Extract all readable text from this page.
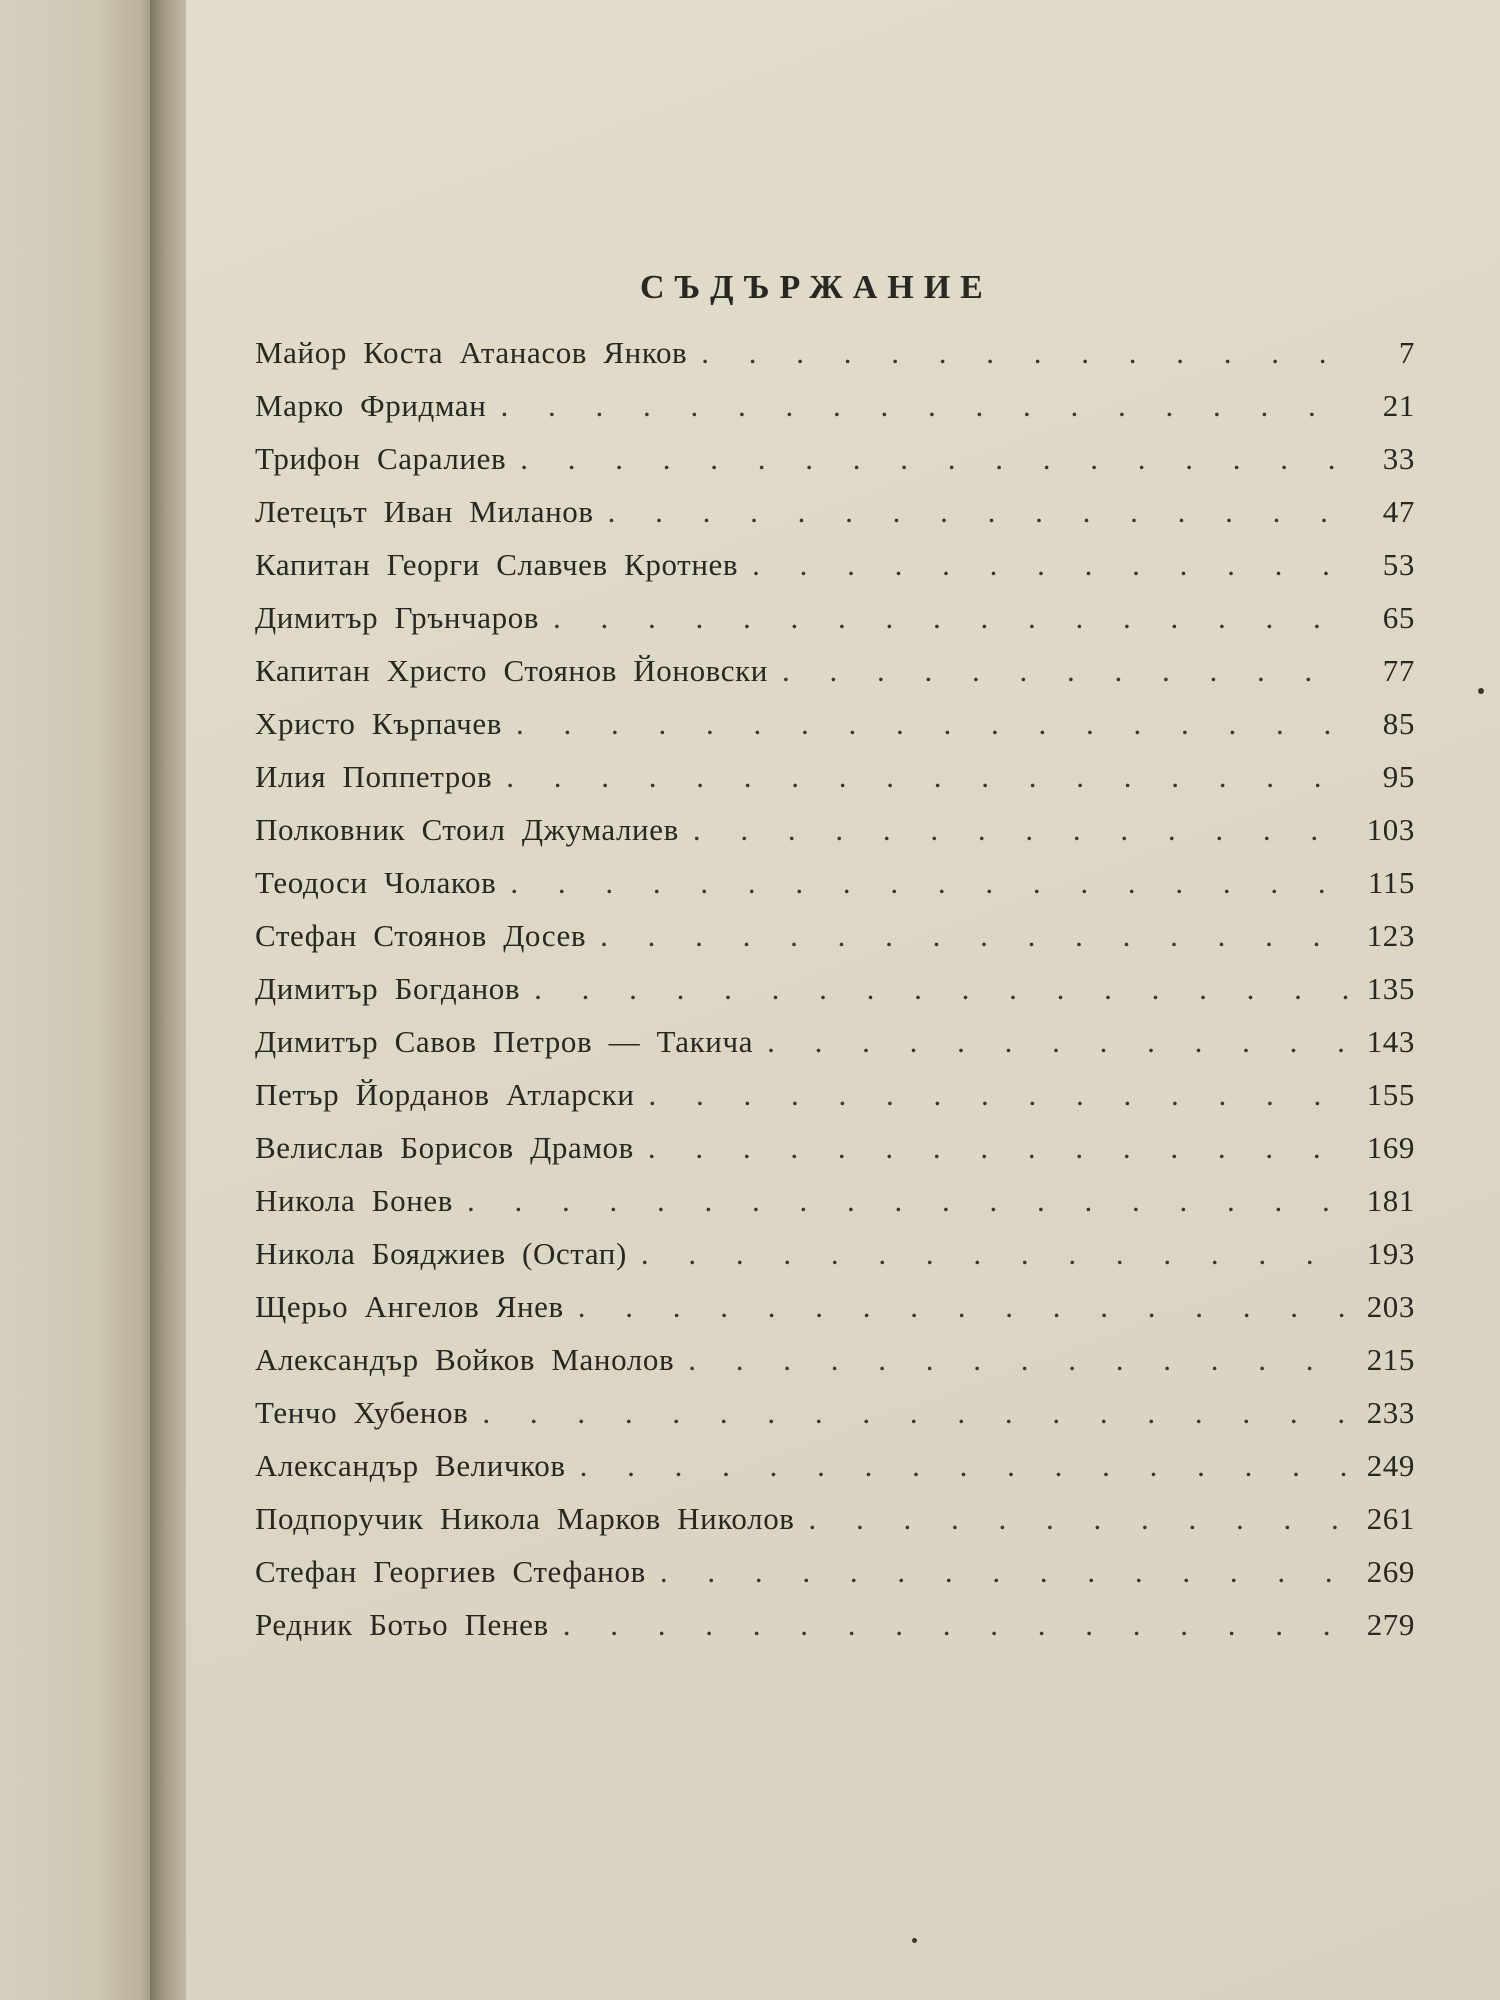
СЪДЪРЖАНИЕ
Майор Коста Атанасов Янков . . .	7
Марко Фридман . . .	21
Трифон Саралиев . . .	33
Летецът Иван Миланов . . .	47
Капитан Георги Славчев Кротнев . . .	53
Димитър Грънчаров . . .	65
Капитан Христо Стоянов Йоновски . . .	77
Христо Кърпачев . . .	85
Илия Поппетров . . .	95
Полковник Стоил Джумалиев . . .	103
Теодоси Чолаков . . .	115
Стефан Стоянов Досев . . .	123
Димитър Богданов . . .	135
Димитър Савов Петров — Такича . . .	143
Петър Йорданов Атларски . . .	155
Велислав Борисов Драмов . . .	169
Никола Бонев . . .	181
Никола Бояджиев (Остап) . . .	193
Щерьо Ангелов Янев . . .	203
Александър Войков Манолов . . .	215
Тенчо Хубенов . . .	233
Александър Величков . . .	249
Подпоручик Никола Марков Николов . . .	261
Стефан Георгиев Стефанов . . .	269
Редник Ботьо Пенев . . .	279
